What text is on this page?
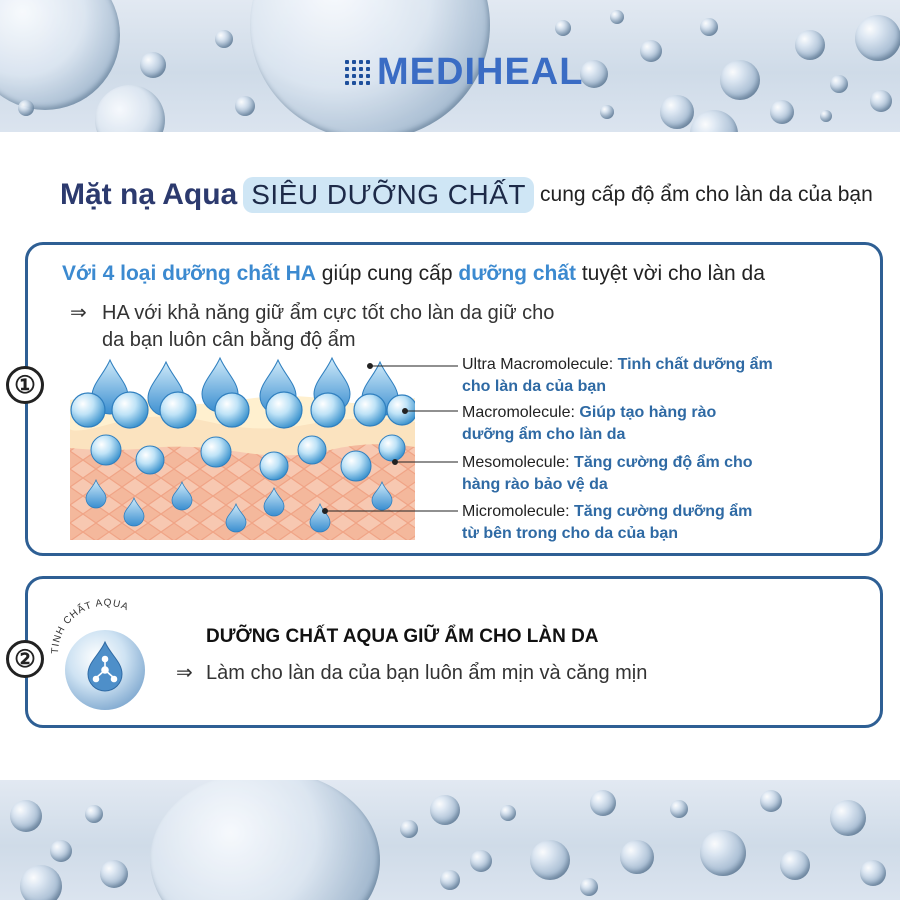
MEDIHEAL
Mặt nạ Aqua SIÊU DƯỠNG CHẤT cung cấp độ ẩm cho làn da của bạn
①
Với 4 loại dưỡng chất HA giúp cung cấp dưỡng chất tuyệt vời cho làn da
⇒ HA với khả năng giữ ẩm cực tốt cho làn da giữ cho
da bạn luôn cân bằng độ ẩm
Ultra Macromolecule: Tinh chất dưỡng ẩm
cho làn da của bạn
Macromolecule: Giúp tạo hàng rào
dưỡng ẩm cho làn da
Mesomolecule: Tăng cường độ ẩm cho
hàng rào bảo vệ da
Micromolecule: Tăng cường dưỡng ẩm
từ bên trong cho da của bạn
②	TINH CHẤT AQUA
DƯỠNG CHẤT AQUA GIỮ ẨM CHO LÀN DA
⇒ Làm cho làn da của bạn luôn ẩm mịn và căng mịn
